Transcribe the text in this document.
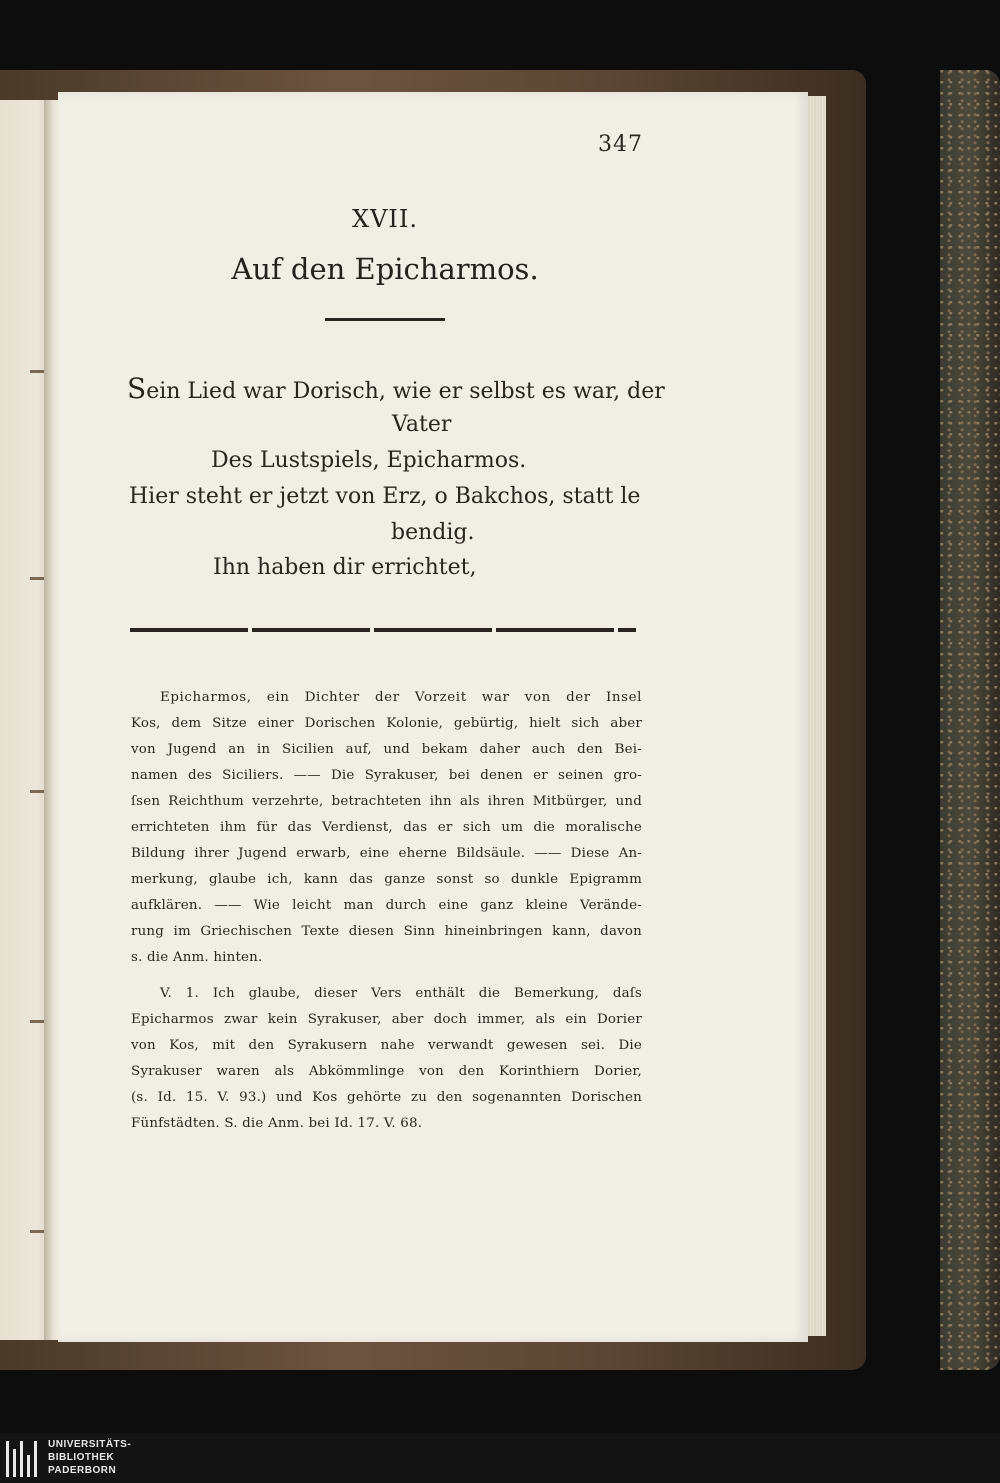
347
XVII.
Auf den Epicharmos.
Sein Lied war Dorisch, wie er selbst es war, der
Vater
Des Lustspiels, Epicharmos.
Hier steht er jetzt von Erz, o Bakchos, statt le
bendig.
Ihn haben dir errichtet,
Epicharmos, ein Dichter der Vorzeit war von der Insel
Kos, dem Sitze einer Dorischen Kolonie, gebürtig, hielt sich aber
von Jugend an in Sicilien auf, und bekam daher auch den Bei-
namen des Siciliers. —— Die Syrakuser, bei denen er seinen gro-
ſsen Reichthum verzehrte, betrachteten ihn als ihren Mitbürger, und
errichteten ihm für das Verdienst, das er sich um die moralische
Bildung ihrer Jugend erwarb, eine eherne Bildsäule. —— Diese An-
merkung, glaube ich, kann das ganze sonst so dunkle Epigramm
aufklären. —— Wie leicht man durch eine ganz kleine Verände-
rung im Griechischen Texte diesen Sinn hineinbringen kann, davon
s. die Anm. hinten.
V. 1. Ich glaube, dieser Vers enthält die Bemerkung, daſs
Epicharmos zwar kein Syrakuser, aber doch immer, als ein Dorier
von Kos, mit den Syrakusern nahe verwandt gewesen sei. Die
Syrakuser waren als Abkömmlinge von den Korinthiern Dorier,
(s. Id. 15. V. 93.) und Kos gehörte zu den sogenannten Dorischen
Fünfstädten. S. die Anm. bei Id. 17. V. 68.
UNIVERSITÄTS-
BIBLIOTHEK
PADERBORN
